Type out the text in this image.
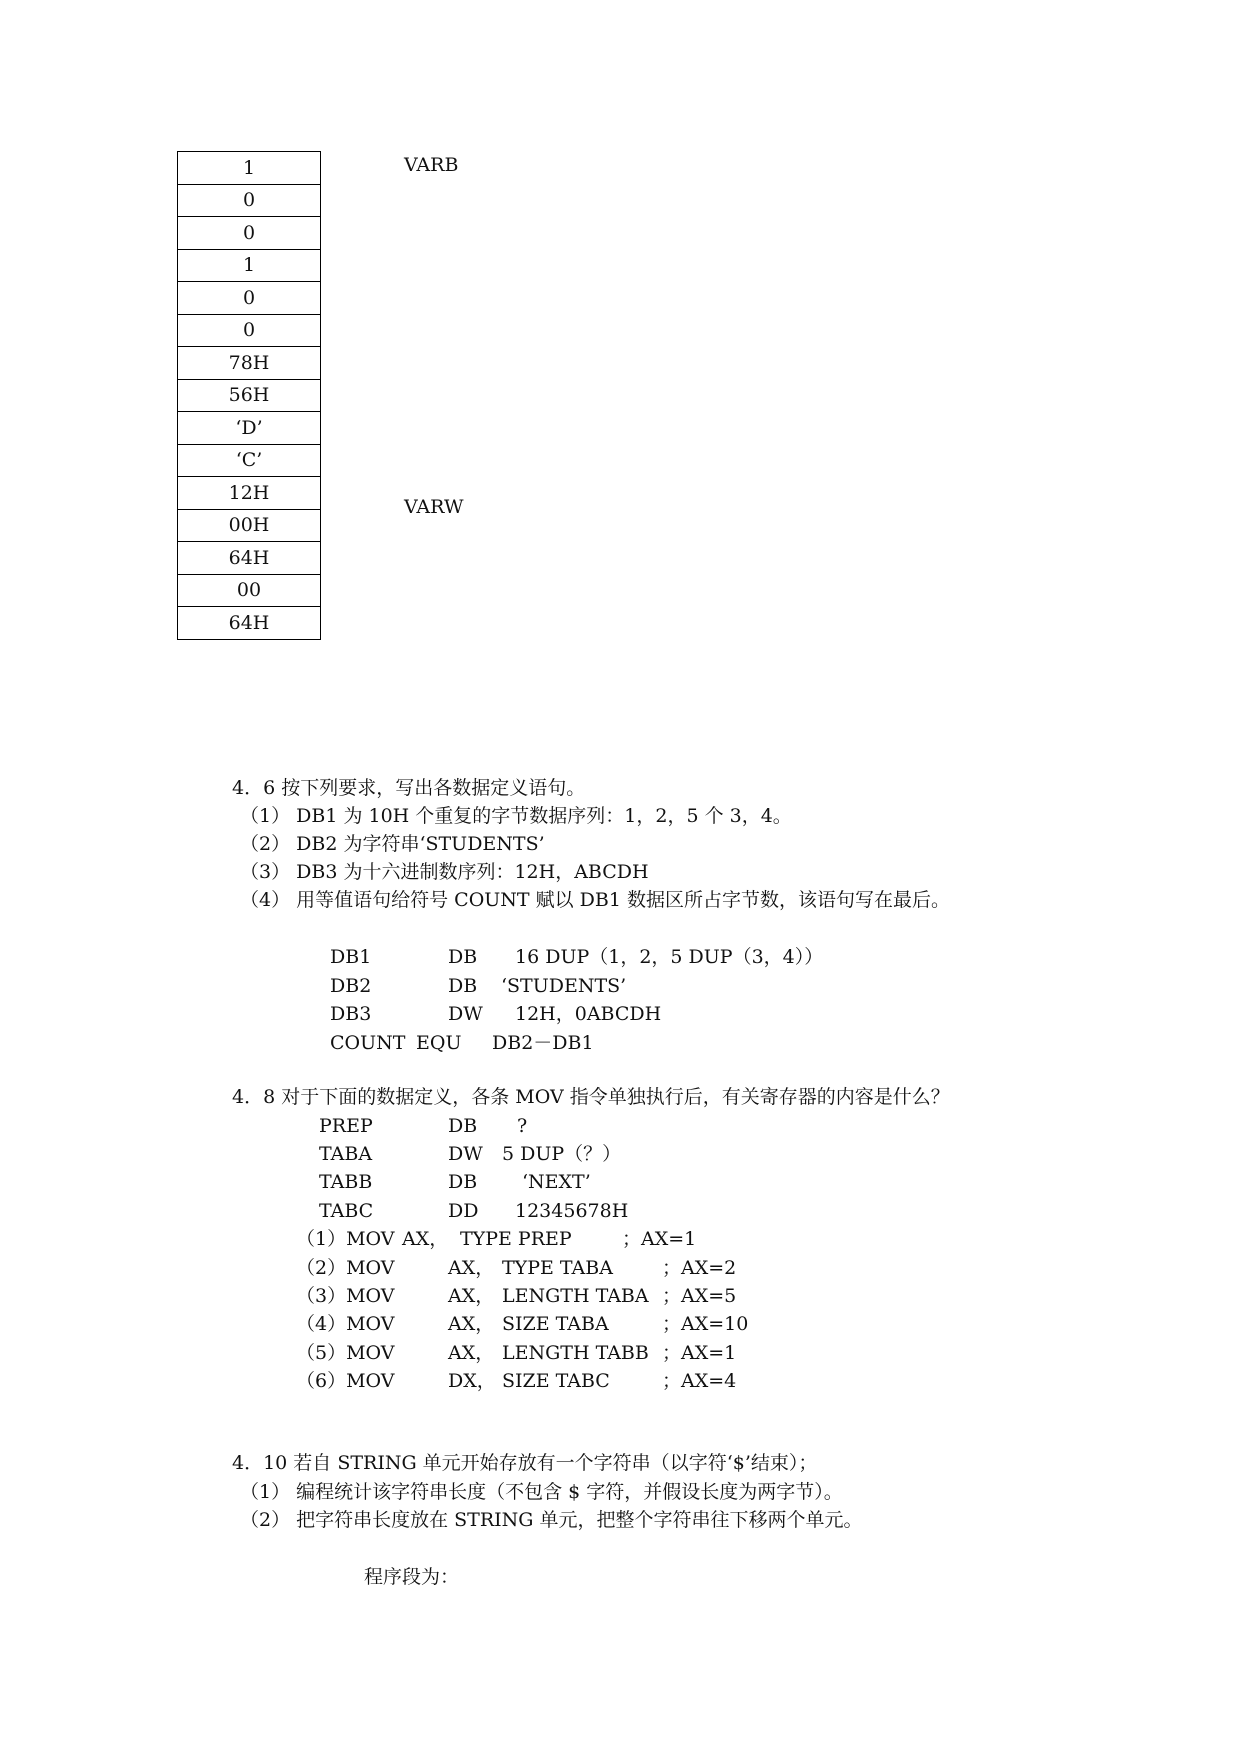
1
0
0
1
0
0
78H
56H
‘D’
‘C’
12H
00H
64H
00
64H
VARB
VARW
4．6 按下列要求，写出各数据定义语句。
（1） DB1 为 10H 个重复的字节数据序列：1，2，5 个 3，4。
（2） DB2 为字符串‘STUDENTS’
（3） DB3 为十六进制数序列：12H，ABCDH
（4） 用等值语句给符号 COUNT 赋以 DB1 数据区所占字节数，该语句写在最后。
DB1	DB 16 DUP（1，2，5 DUP（3，4））
DB2	DB ‘STUDENTS’
DB3	DW 12H，0ABCDH
COUNT EQU DB2－DB1
4．8 对于下面的数据定义，各条 MOV 指令单独执行后，有关寄存器的内容是什么？
PREP	DB ?
TABA	DW 5 DUP（？）
TABB	DB ‘NEXT’
TABC	DD 12345678H
（1）MOV AX， TYPE PREP	；AX=1
（2）MOV	AX， TYPE TABA	；AX=2
（3）MOV	AX， LENGTH TABA ；AX=5
（4）MOV	AX， SIZE TABA	；AX=10
（5）MOV	AX， LENGTH TABB ；AX=1
（6）MOV	DX， SIZE TABC	；AX=4
4．10 若自 STRING 单元开始存放有一个字符串（以字符‘$’结束）；
（1） 编程统计该字符串长度（不包含 $ 字符，并假设长度为两字节）。
（2） 把字符串长度放在 STRING 单元，把整个字符串往下移两个单元。
程序段为：
